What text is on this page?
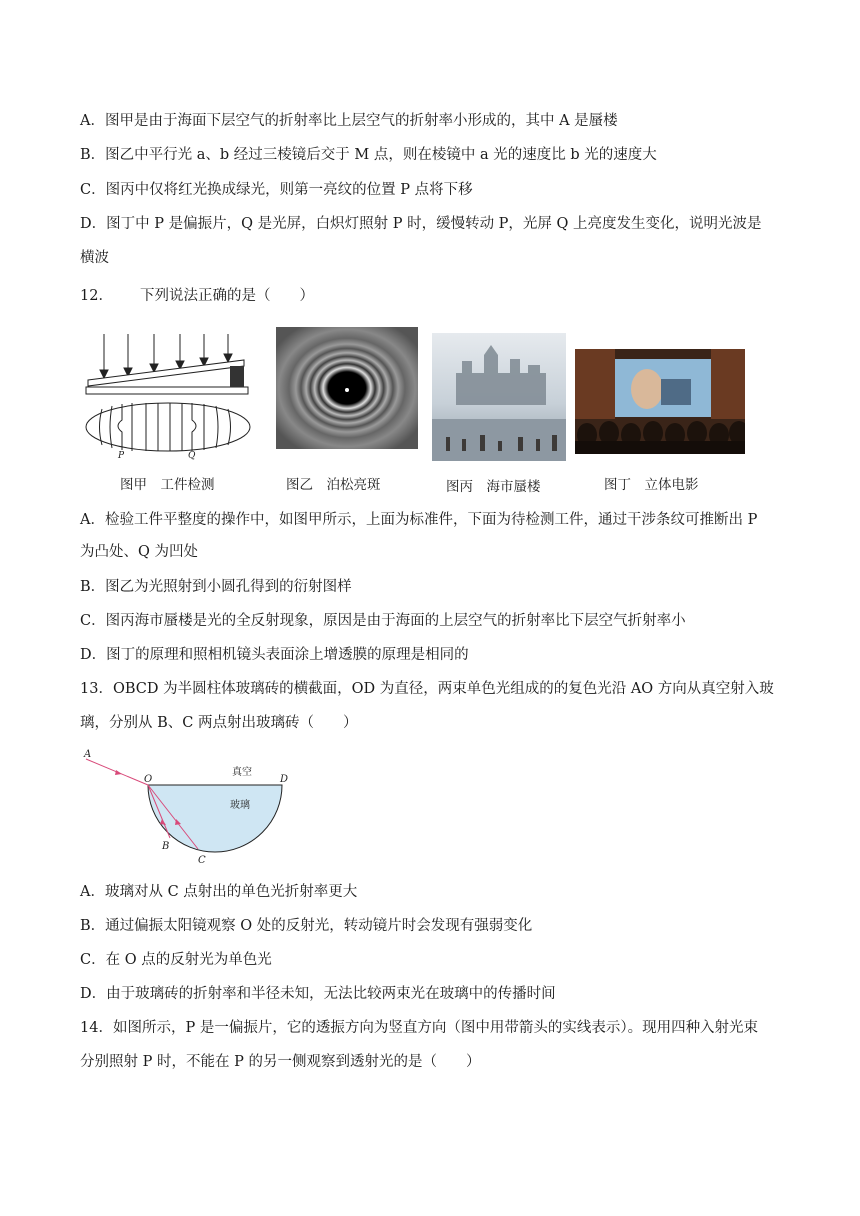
A．图甲是由于海面下层空气的折射率比上层空气的折射率小形成的，其中 A 是蜃楼
B．图乙中平行光 a、b 经过三棱镜后交于 M 点，则在棱镜中 a 光的速度比 b 光的速度大
C．图丙中仅将红光换成绿光，则第一亮纹的位置 P 点将下移
D．图丁中 P 是偏振片，Q 是光屏，白炽灯照射 P 时，缓慢转动 P，光屏 Q 上亮度发生变化，说明光波是
横波
12． 下列说法正确的是（　　）
P	Q
图甲　工件检测	图乙　泊松亮斑	图丙　海市蜃楼	图丁　立体电影
A．检验工件平整度的操作中，如图甲所示，上面为标准件，下面为待检测工件，通过干涉条纹可推断出 P
为凸处、Q 为凹处
B．图乙为光照射到小圆孔得到的衍射图样
C．图丙海市蜃楼是光的全反射现象，原因是由于海面的上层空气的折射率比下层空气折射率小
D．图丁的原理和照相机镜头表面涂上增透膜的原理是相同的
13．OBCD 为半圆柱体玻璃砖的横截面，OD 为直径，两束单色光组成的的复色光沿 AO 方向从真空射入玻
璃，分别从 B、C 两点射出玻璃砖（　　）
A
O	D
B
C
真空
玻璃
A．玻璃对从 C 点射出的单色光折射率更大
B．通过偏振太阳镜观察 O 处的反射光，转动镜片时会发现有强弱变化
C．在 O 点的反射光为单色光
D．由于玻璃砖的折射率和半径未知，无法比较两束光在玻璃中的传播时间
14．如图所示，P 是一偏振片，它的透振方向为竖直方向（图中用带箭头的实线表示）。现用四种入射光束
分别照射 P 时，不能在 P 的另一侧观察到透射光的是（　　）
